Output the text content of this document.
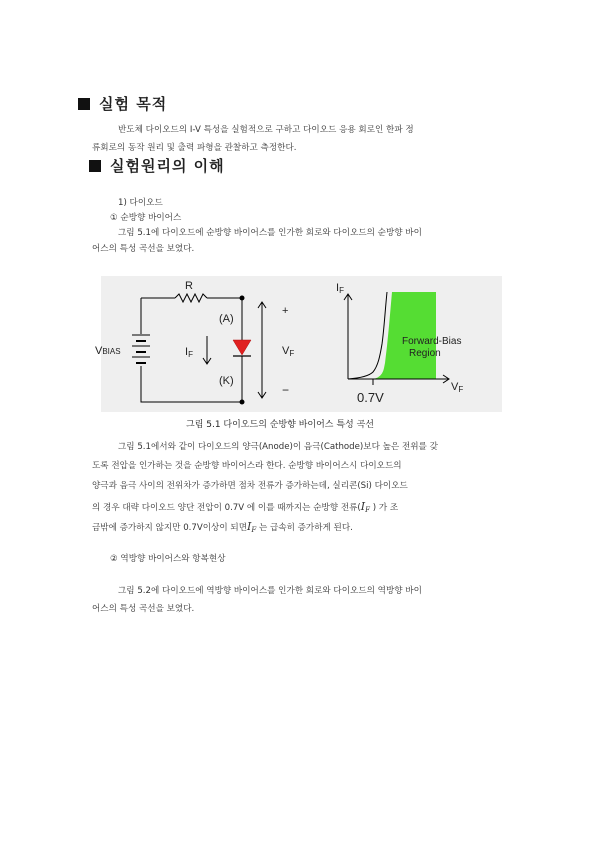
실험 목적
반도체 다이오드의 I-V 특성을 실험적으로 구하고 다이오드 응용 회로인 한파 정
류회로의 동작 원리 및 출력 파형을 관찰하고 측정한다.
실험원리의 이해
1) 다이오드
① 순방향 바이어스
그림 5.1에 다이오드에 순방향 바이어스를 인가한 회로와 다이오드의 순방향 바이
어스의 특성 곡선을 보였다.
R
(A)
(K)
+
−
VBIAS	IF	VF
0.7V
VF
Forward-Bias
Region
IF
그림 5.1 다이오드의 순방향 바이어스 특성 곡선
그림 5.1에서와 같이 다이오드의 양극(Anode)이 음극(Cathode)보다 높은 전위를 갖
도록 전압을 인가하는 것을 순방향 바이어스라 한다. 순방향 바이어스시 다이오드의
양극과 음극 사이의 전위차가 증가하면 점차 전류가 증가하는데, 실리콘(Si) 다이오드
의 경우 대략 다이오드 양단 전압이 0.7V 에 이를 때까지는 순방향 전류($I_F$ ) 가 조
금밖에 증가하지 않지만 0.7V이상이 되면$I_F$ 는 급속히 증가하게 된다.
② 역방향 바이어스와 항복현상
그림 5.2에 다이오드에 역방향 바이어스를 인가한 회로와 다이오드의 역방향 바이
어스의 특성 곡선을 보였다.
